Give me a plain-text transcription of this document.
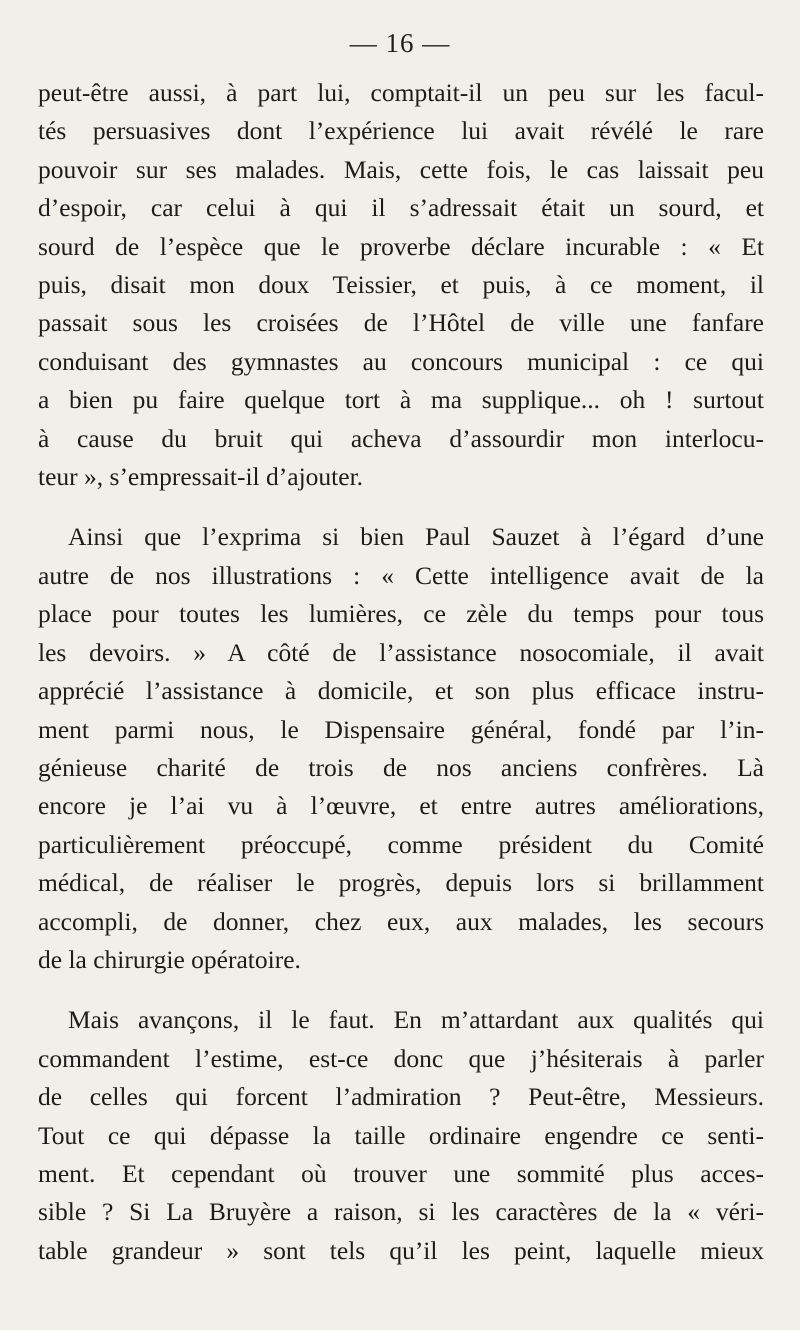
— 16 —

peut-être aussi, à part lui, comptait-il un peu sur les facul-
tés persuasives dont l’expérience lui avait révélé le rare
pouvoir sur ses malades. Mais, cette fois, le cas laissait peu
d’espoir, car celui à qui il s’adressait était un sourd, et
sourd de l’espèce que le proverbe déclare incurable : « Et
puis, disait mon doux Teissier, et puis, à ce moment, il
passait sous les croisées de l’Hôtel de ville une fanfare
conduisant des gymnastes au concours municipal : ce qui
a bien pu faire quelque tort à ma supplique... oh ! surtout
à cause du bruit qui acheva d’assourdir mon interlocu-
teur », s’empressait-il d’ajouter.

Ainsi que l’exprima si bien Paul Sauzet à l’égard d’une
autre de nos illustrations : « Cette intelligence avait de la
place pour toutes les lumières, ce zèle du temps pour tous
les devoirs. » A côté de l’assistance nosocomiale, il avait
apprécié l’assistance à domicile, et son plus efficace instru-
ment parmi nous, le Dispensaire général, fondé par l’in-
génieuse charité de trois de nos anciens confrères. Là
encore je l’ai vu à l’œuvre, et entre autres améliorations,
particulièrement préoccupé, comme président du Comité
médical, de réaliser le progrès, depuis lors si brillamment
accompli, de donner, chez eux, aux malades, les secours
de la chirurgie opératoire.

Mais avançons, il le faut. En m’attardant aux qualités qui
commandent l’estime, est-ce donc que j’hésiterais à parler
de celles qui forcent l’admiration ? Peut-être, Messieurs.
Tout ce qui dépasse la taille ordinaire engendre ce senti-
ment. Et cependant où trouver une sommité plus acces-
sible ? Si La Bruyère a raison, si les caractères de la « véri-
table grandeur » sont tels qu’il les peint, laquelle mieux
